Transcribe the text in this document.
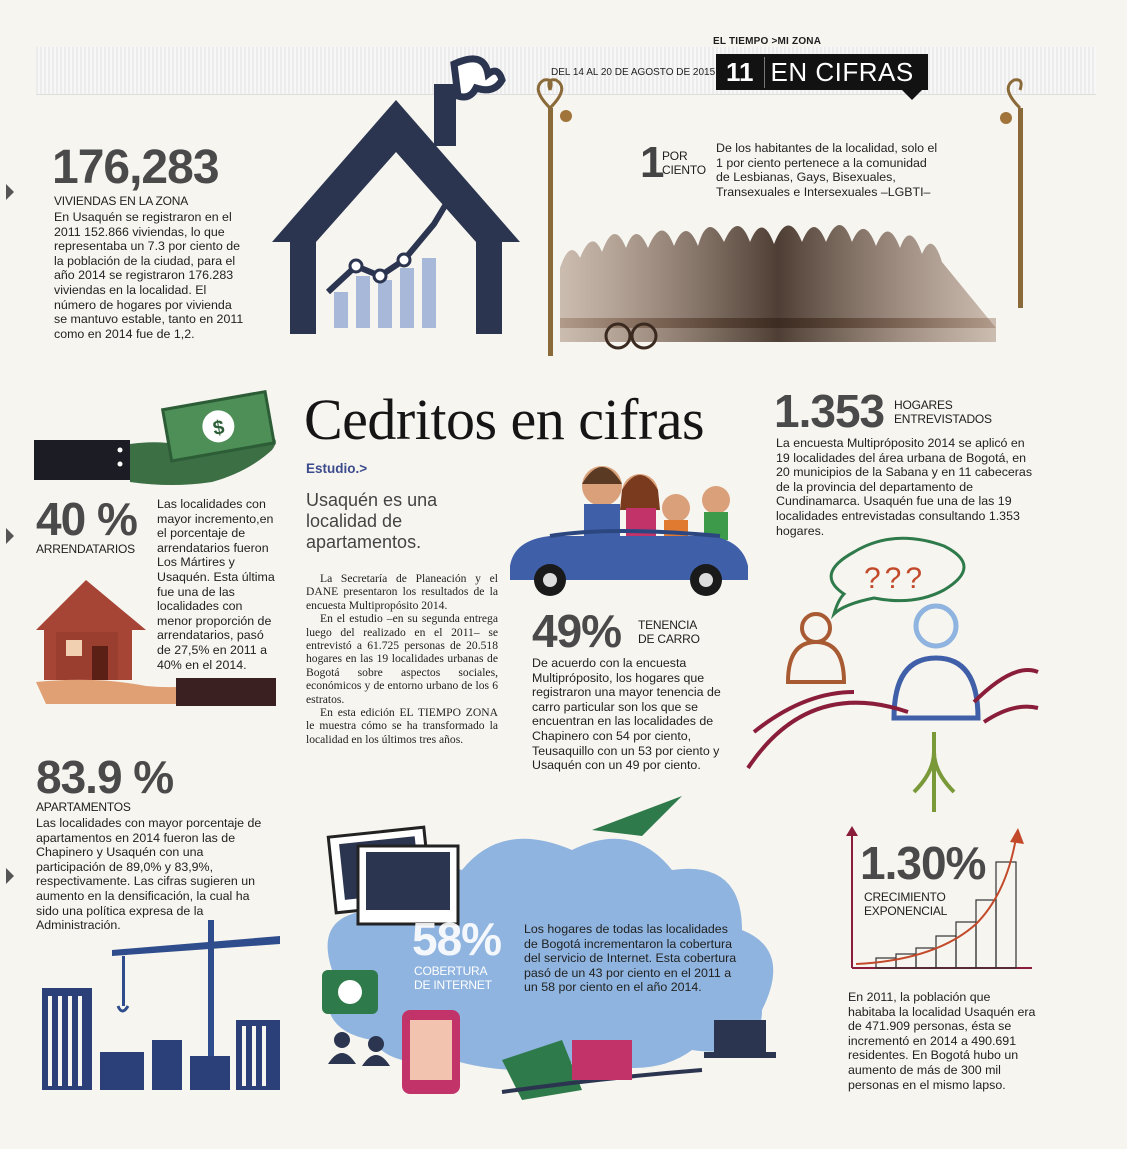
EL TIEMPO >MI ZONA
DEL 14 AL 20 DE AGOSTO DE 2015 11 EN CIFRAS
176,283
VIVIENDAS EN LA ZONA
En Usaquén se registraron en el 2011 152.866 viviendas, lo que representaba un 7.3 por ciento de la población de la ciudad, para el año 2014 se registraron 176.283 viviendas en la localidad. El número de hogares por vivienda se mantuvo estable, tanto en 2011 como en 2014 fue de 1,2.
1
POR
CIENTO
De los habitantes de la localidad, solo el 1 por ciento pertenece a la comunidad de Lesbianas, Gays, Bisexuales, Transexuales e Intersexuales –LGBTI–
$
40 %
ARRENDATARIOS
Las localidades con mayor incremento,en el porcentaje de arrendatarios fueron Los Mártires y Usaquén. Esta última fue una de las localidades con menor proporción de arrendatarios, pasó de 27,5% en 2011 a 40% en el 2014.
83.9 %
APARTAMENTOS
Las localidades con mayor porcentaje de apartamentos en 2014 fueron las de Chapinero y Usaquén con una participación de 89,0% y 83,9%, respectivamente. Las cifras sugieren un aumento en la densificación, la cual ha sido una política expresa de la Administración.
Cedritos en cifras
Estudio.>
Usaquén es una localidad de apartamentos.

La Secretaría de Planeación y el DANE presentaron los resultados de la encuesta Multipropósito 2014.

En el estudio –en su segunda entrega luego del realizado en el 2011– se entrevistó a 61.725 personas de 20.518 hogares en las 19 localidades urbanas de Bogotá sobre aspectos sociales, económicos y de entorno urbano de los 6 estratos.

En esta edición EL TIEMPO ZONA le muestra cómo se ha transformado la localidad en los últimos tres años.

49% TENENCIA
DE CARRO
De acuerdo con la encuesta Multipróposito, los hogares que registraron una mayor tenencia de carro particular son los que se encuentran en las localidades de Chapinero con 54 por ciento, Teusaquillo con un 53 por ciento y Usaquén con un 49 por ciento.
1.353 HOGARES
ENTREVISTADOS
La encuesta Multipróposito 2014 se aplicó en 19 localidades del área urbana de Bogotá, en 20 municipios de la Sabana y en 11 cabeceras de la provincia del departamento de Cundinamarca. Usaquén fue una de las 19 localidades entrevistadas consultando 1.353 hogares.
???
58%
COBERTURA
DE INTERNET
Los hogares de todas las localidades de Bogotá incrementaron la cobertura del servicio de Internet. Esta cobertura pasó de un 43 por ciento en el 2011 a un 58 por ciento en el año 2014.
1.30%
CRECIMIENTO
EXPONENCIAL
En 2011, la población que habitaba la localidad Usaquén era de 471.909 personas, ésta se incrementó en 2014 a 490.691 residentes. En Bogotá hubo un aumento de más de 300 mil personas en el mismo lapso.
